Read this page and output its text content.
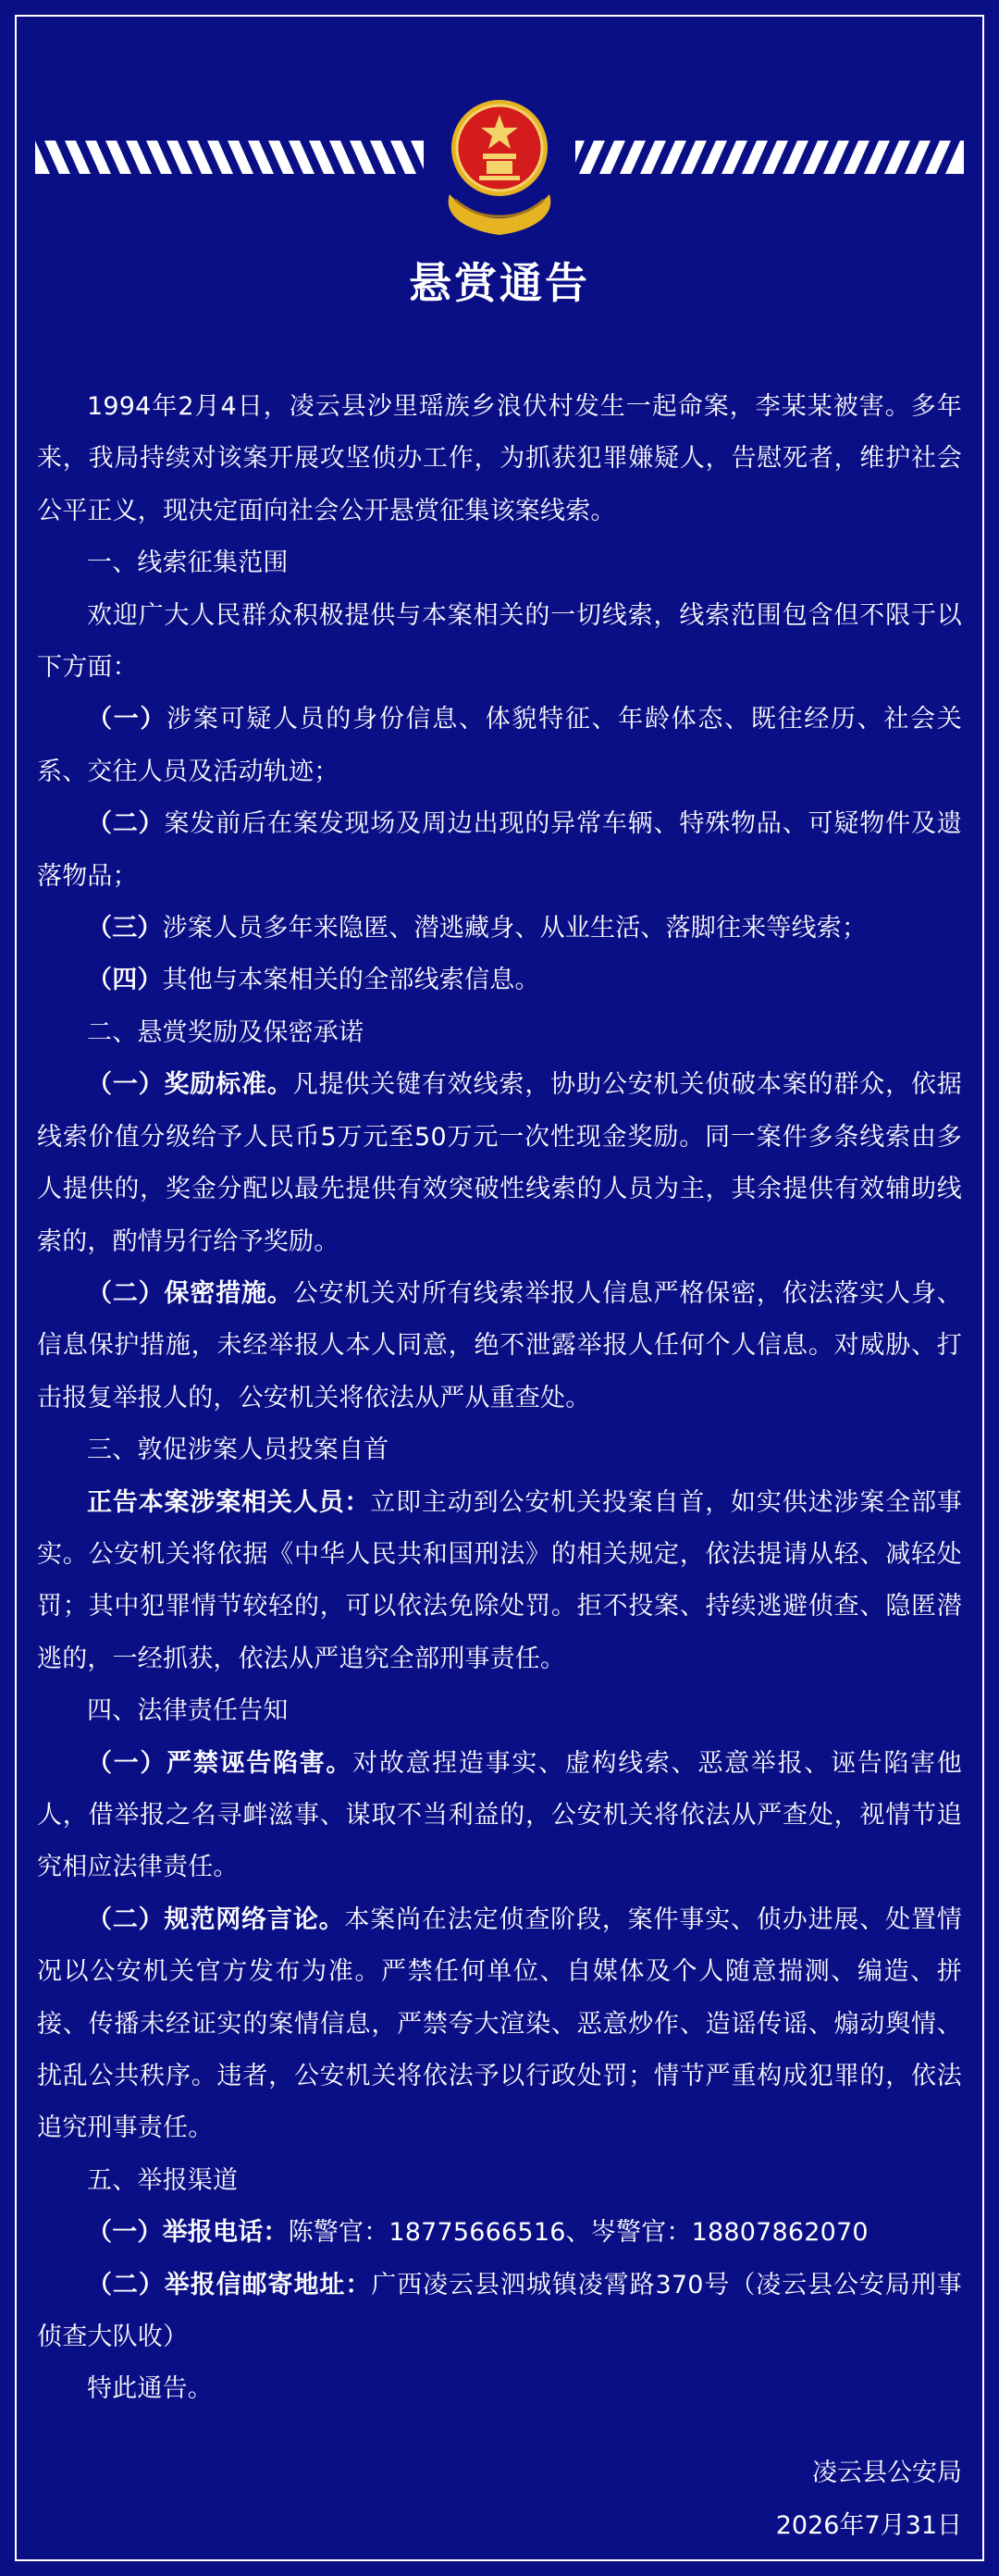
悬赏通告

1994年2月4日，凌云县沙里瑶族乡浪伏村发生一起命案，李某某被害。多年来，我局持续对该案开展攻坚侦办工作，为抓获犯罪嫌疑人，告慰死者，维护社会公平正义，现决定面向社会公开悬赏征集该案线索。

一、线索征集范围

欢迎广大人民群众积极提供与本案相关的一切线索，线索范围包含但不限于以下方面：

（一）涉案可疑人员的身份信息、体貌特征、年龄体态、既往经历、社会关系、交往人员及活动轨迹；

（二）案发前后在案发现场及周边出现的异常车辆、特殊物品、可疑物件及遗落物品；

（三）涉案人员多年来隐匿、潜逃藏身、从业生活、落脚往来等线索；

（四）其他与本案相关的全部线索信息。

二、悬赏奖励及保密承诺

（一）奖励标准。凡提供关键有效线索，协助公安机关侦破本案的群众，依据线索价值分级给予人民币5万元至50万元一次性现金奖励。同一案件多条线索由多人提供的，奖金分配以最先提供有效突破性线索的人员为主，其余提供有效辅助线索的，酌情另行给予奖励。

（二）保密措施。公安机关对所有线索举报人信息严格保密，依法落实人身、信息保护措施，未经举报人本人同意，绝不泄露举报人任何个人信息。对威胁、打击报复举报人的，公安机关将依法从严从重查处。

三、敦促涉案人员投案自首

正告本案涉案相关人员：立即主动到公安机关投案自首，如实供述涉案全部事实。公安机关将依据《中华人民共和国刑法》的相关规定，依法提请从轻、减轻处罚；其中犯罪情节较轻的，可以依法免除处罚。拒不投案、持续逃避侦查、隐匿潜逃的，一经抓获，依法从严追究全部刑事责任。

四、法律责任告知

（一）严禁诬告陷害。对故意捏造事实、虚构线索、恶意举报、诬告陷害他人，借举报之名寻衅滋事、谋取不当利益的，公安机关将依法从严查处，视情节追究相应法律责任。

（二）规范网络言论。本案尚在法定侦查阶段，案件事实、侦办进展、处置情况以公安机关官方发布为准。严禁任何单位、自媒体及个人随意揣测、编造、拼接、传播未经证实的案情信息，严禁夸大渲染、恶意炒作、造谣传谣、煽动舆情、扰乱公共秩序。违者，公安机关将依法予以行政处罚；情节严重构成犯罪的，依法追究刑事责任。

五、举报渠道

（一）举报电话：陈警官：18775666516、岑警官：18807862070

（二）举报信邮寄地址：广西凌云县泗城镇凌霄路370号（凌云县公安局刑事侦查大队收）

特此通告。

凌云县公安局
2026年7月31日
